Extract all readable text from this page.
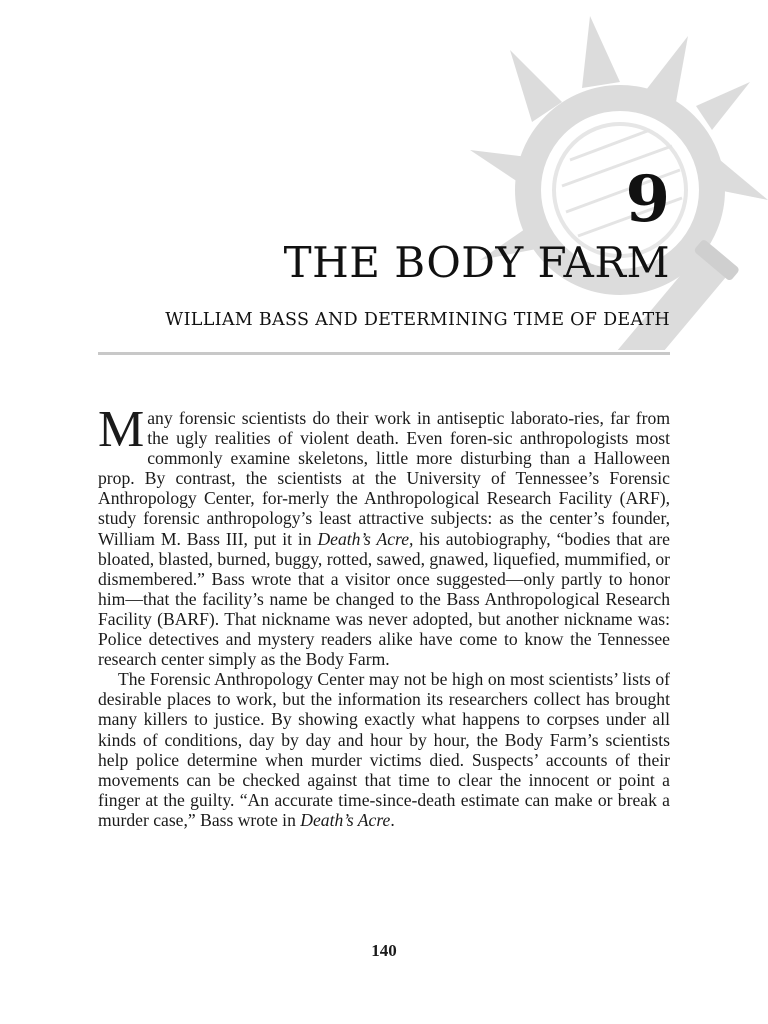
9
THE BODY FARM
WILLIAM BASS AND DETERMINING TIME OF DEATH

Many forensic scientists do their work in antiseptic laborato-ries, far from the ugly realities of violent death. Even foren-sic anthropologists most commonly examine skeletons, little more disturbing than a Halloween prop. By contrast, the scientists at the University of Tennessee’s Forensic Anthropology Center, for-merly the Anthropological Research Facility (ARF), study forensic anthropology’s least attractive subjects: as the center’s founder, William M. Bass III, put it in Death’s Acre, his autobiography, “bodies that are bloated, blasted, burned, buggy, rotted, sawed, gnawed, liquefied, mummified, or dismembered.” Bass wrote that a visitor once suggested—only partly to honor him—that the facility’s name be changed to the Bass Anthropological Research Facility (BARF). That nickname was never adopted, but another nickname was: Police detectives and mystery readers alike have come to know the Tennessee research center simply as the Body Farm.

The Forensic Anthropology Center may not be high on most scientists’ lists of desirable places to work, but the information its researchers collect has brought many killers to justice. By showing exactly what happens to corpses under all kinds of conditions, day by day and hour by hour, the Body Farm’s scientists help police determine when murder victims died. Suspects’ accounts of their movements can be checked against that time to clear the innocent or point a finger at the guilty. “An accurate time-since-death estimate can make or break a murder case,” Bass wrote in Death’s Acre.

140
